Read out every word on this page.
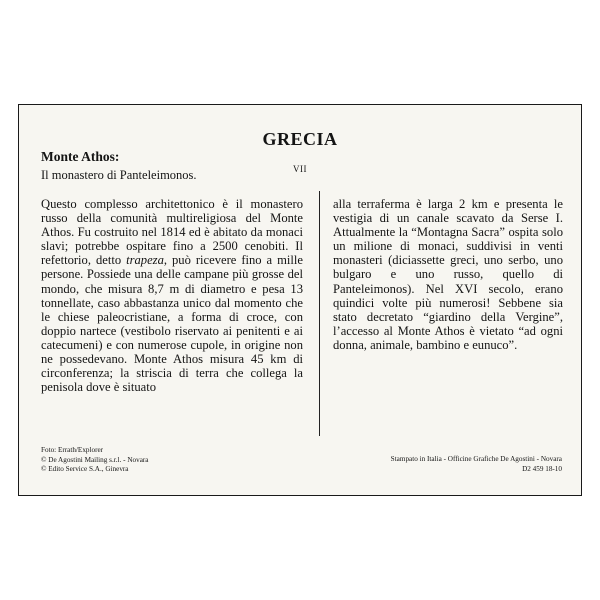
GRECIA
Monte Athos:
Il monastero di Panteleimonos.	VII

Questo complesso architettonico è il monastero russo della comunità multireligiosa del Monte Athos. Fu costruito nel 1814 ed è abitato da monaci slavi; potrebbe ospitare fino a 2500 cenobiti. Il refettorio, detto trapeza, può ricevere fino a mille persone. Possiede una delle campane più grosse del mondo, che misura 8,7 m di diametro e pesa 13 tonnellate, caso abbastanza unico dal momento che le chiese paleocristiane, a forma di croce, con doppio nartece (vestibolo riservato ai penitenti e ai catecumeni) e con numerose cupole, in origine non ne possedevano. Monte Athos misura 45 km di circonferenza; la striscia di terra che collega la penisola dove è situato

alla terraferma è larga 2 km e presenta le vestigia di un canale scavato da Serse I. Attualmente la “Montagna Sacra” ospita solo un milione di monaci, suddivisi in venti monasteri (diciassette greci, uno serbo, uno bulgaro e uno russo, quello di Panteleimonos). Nel XVI secolo, erano quindici volte più numerosi! Sebbene sia stato decretato “giardino della Vergine”, l’accesso al Monte Athos è vietato “ad ogni donna, animale, bambino e eunuco”.

Foto: Errath/Explorer
© De Agostini Mailing s.r.l. - Novara
© Edito Service S.A., Ginevra
Stampato in Italia - Officine Grafiche De Agostini - Novara
D2 459 18-10
